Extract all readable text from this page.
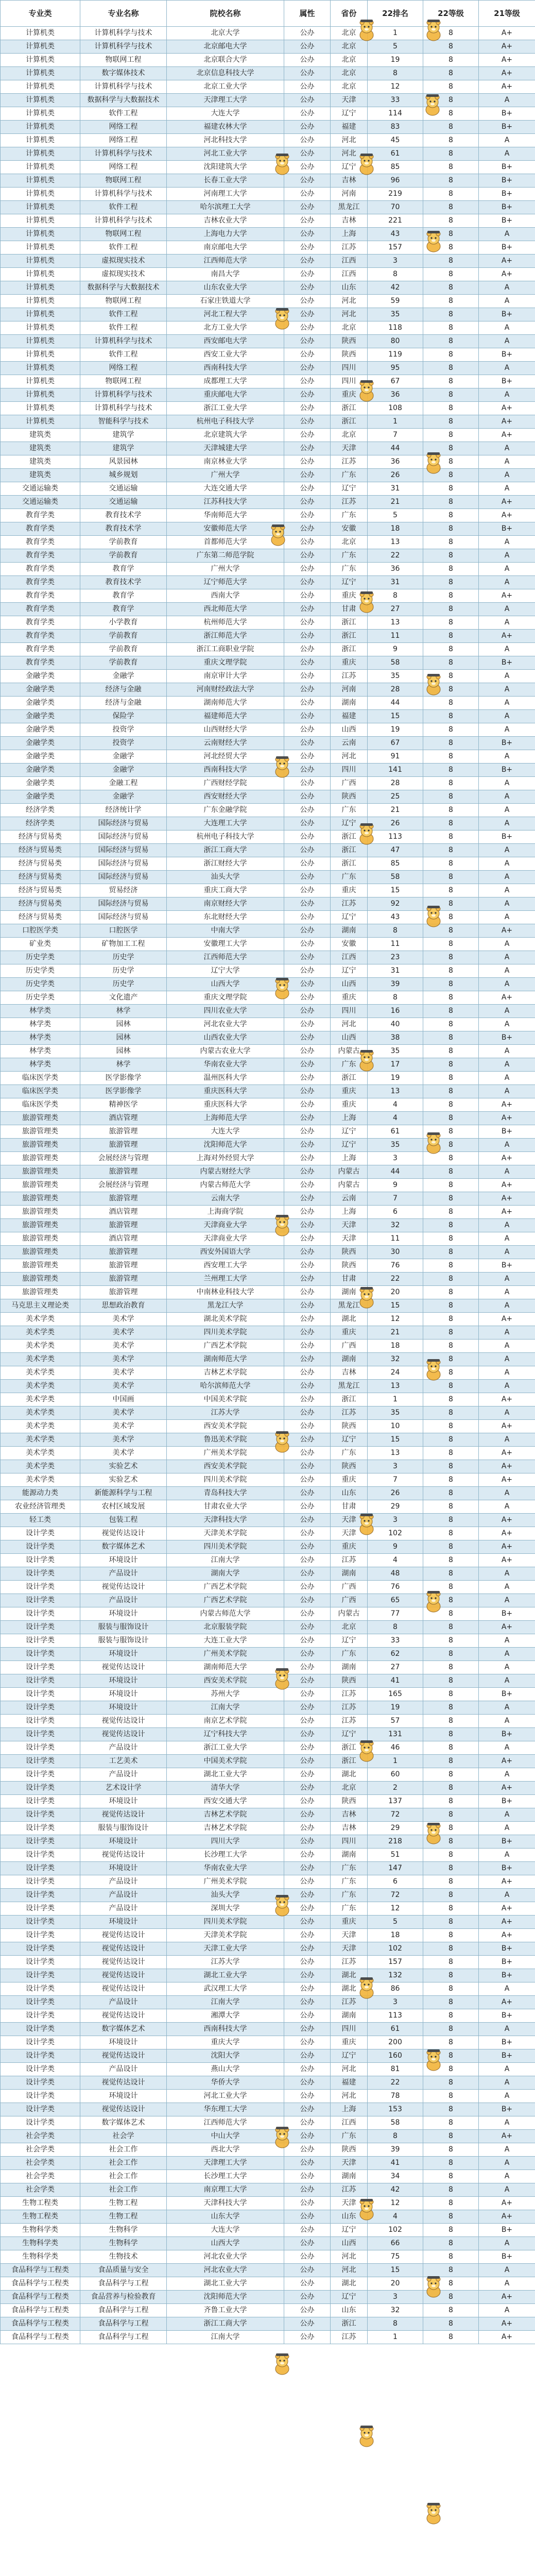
专业类	专业名称	院校名称	属性	省份	22排名	22等级	21等级
计算机类	计算机科学与技术	北京大学	公办	北京	1	8	A+
计算机类	计算机科学与技术	北京邮电大学	公办	北京	5	8	A+
计算机类	物联网工程	北京联合大学	公办	北京	19	8	A+
计算机类	数字媒体技术	北京信息科技大学	公办	北京	8	8	A+
计算机类	计算机科学与技术	北京工业大学	公办	北京	12	8	A+
计算机类	数据科学与大数据技术	天津理工大学	公办	天津	33	8	A
计算机类	软件工程	大连大学	公办	辽宁	114	8	B+
计算机类	网络工程	福建农林大学	公办	福建	83	8	B+
计算机类	网络工程	河北科技大学	公办	河北	45	8	A
计算机类	计算机科学与技术	河北工业大学	公办	河北	61	8	A
计算机类	网络工程	沈阳建筑大学	公办	辽宁	85	8	B+
计算机类	物联网工程	长春工业大学	公办	吉林	96	8	B+
计算机类	计算机科学与技术	河南理工大学	公办	河南	219	8	B+
计算机类	软件工程	哈尔滨理工大学	公办	黑龙江	70	8	B+
计算机类	计算机科学与技术	吉林农业大学	公办	吉林	221	8	B+
计算机类	物联网工程	上海电力大学	公办	上海	43	8	A
计算机类	软件工程	南京邮电大学	公办	江苏	157	8	B+
计算机类	虚拟现实技术	江西师范大学	公办	江西	3	8	A+
计算机类	虚拟现实技术	南昌大学	公办	江西	8	8	A+
计算机类	数据科学与大数据技术	山东农业大学	公办	山东	42	8	A
计算机类	物联网工程	石家庄铁道大学	公办	河北	59	8	A
计算机类	软件工程	河北工程大学	公办	河北	35	8	B+
计算机类	软件工程	北方工业大学	公办	北京	118	8	A
计算机类	计算机科学与技术	西安邮电大学	公办	陕西	80	8	A
计算机类	软件工程	西安工业大学	公办	陕西	119	8	B+
计算机类	网络工程	西南科技大学	公办	四川	95	8	A
计算机类	物联网工程	成都理工大学	公办	四川	67	8	B+
计算机类	计算机科学与技术	重庆邮电大学	公办	重庆	36	8	A
计算机类	计算机科学与技术	浙江工业大学	公办	浙江	108	8	A+
计算机类	智能科学与技术	杭州电子科技大学	公办	浙江	1	8	A+
建筑类	建筑学	北京建筑大学	公办	北京	7	8	A+
建筑类	建筑学	天津城建大学	公办	天津	44	8	A
建筑类	风景园林	南京林业大学	公办	江苏	36	8	A
建筑类	城乡规划	广州大学	公办	广东	26	8	A
交通运输类	交通运输	大连交通大学	公办	辽宁	31	8	A
交通运输类	交通运输	江苏科技大学	公办	江苏	21	8	A+
教育学类	教育技术学	华南师范大学	公办	广东	5	8	A+
教育学类	教育技术学	安徽师范大学	公办	安徽	18	8	B+
教育学类	学前教育	首都师范大学	公办	北京	13	8	A
教育学类	学前教育	广东第二师范学院	公办	广东	22	8	A
教育学类	教育学	广州大学	公办	广东	36	8	A
教育学类	教育技术学	辽宁师范大学	公办	辽宁	31	8	A
教育学类	教育学	西南大学	公办	重庆	8	8	A+
教育学类	教育学	西北师范大学	公办	甘肃	27	8	A
教育学类	小学教育	杭州师范大学	公办	浙江	13	8	A
教育学类	学前教育	浙江师范大学	公办	浙江	11	8	A+
教育学类	学前教育	浙江工商职业学院	公办	浙江	9	8	A
教育学类	学前教育	重庆文理学院	公办	重庆	58	8	B+
金融学类	金融学	南京审计大学	公办	江苏	35	8	A
金融学类	经济与金融	河南财经政法大学	公办	河南	28	8	A
金融学类	经济与金融	湖南师范大学	公办	湖南	44	8	A
金融学类	保险学	福建师范大学	公办	福建	15	8	A
金融学类	投资学	山西财经大学	公办	山西	19	8	A
金融学类	投资学	云南财经大学	公办	云南	67	8	B+
金融学类	金融学	河北经贸大学	公办	河北	91	8	A
金融学类	金融学	西南科技大学	公办	四川	141	8	B+
金融学类	金融工程	广西财经学院	公办	广西	28	8	A
金融学类	金融学	西安财经大学	公办	陕西	25	8	A
经济学类	经济统计学	广东金融学院	公办	广东	21	8	A
经济学类	国际经济与贸易	大连理工大学	公办	辽宁	26	8	A
经济与贸易类	国际经济与贸易	杭州电子科技大学	公办	浙江	113	8	B+
经济与贸易类	国际经济与贸易	浙江工商大学	公办	浙江	47	8	A
经济与贸易类	国际经济与贸易	浙江财经大学	公办	浙江	85	8	A
经济与贸易类	国际经济与贸易	汕头大学	公办	广东	58	8	A
经济与贸易类	贸易经济	重庆工商大学	公办	重庆	15	8	A
经济与贸易类	国际经济与贸易	南京财经大学	公办	江苏	92	8	A
经济与贸易类	国际经济与贸易	东北财经大学	公办	辽宁	43	8	A
口腔医学类	口腔医学	中南大学	公办	湖南	8	8	A+
矿业类	矿物加工工程	安徽理工大学	公办	安徽	11	8	A
历史学类	历史学	江西师范大学	公办	江西	23	8	A
历史学类	历史学	辽宁大学	公办	辽宁	31	8	A
历史学类	历史学	山西大学	公办	山西	39	8	A
历史学类	文化遗产	重庆文理学院	公办	重庆	8	8	A+
林学类	林学	四川农业大学	公办	四川	16	8	A
林学类	园林	河北农业大学	公办	河北	40	8	A
林学类	园林	山西农业大学	公办	山西	38	8	B+
林学类	园林	内蒙古农业大学	公办	内蒙古	35	8	A
林学类	林学	华南农业大学	公办	广东	17	8	A
临床医学类	医学影像学	温州医科大学	公办	浙江	19	8	A
临床医学类	医学影像学	重庆医科大学	公办	重庆	13	8	A
临床医学类	精神医学	重庆医科大学	公办	重庆	4	8	A+
旅游管理类	酒店管理	上海师范大学	公办	上海	4	8	A+
旅游管理类	旅游管理	大连大学	公办	辽宁	61	8	B+
旅游管理类	旅游管理	沈阳师范大学	公办	辽宁	35	8	A
旅游管理类	会展经济与管理	上海对外经贸大学	公办	上海	3	8	A+
旅游管理类	旅游管理	内蒙古财经大学	公办	内蒙古	44	8	A
旅游管理类	会展经济与管理	内蒙古师范大学	公办	内蒙古	9	8	A+
旅游管理类	旅游管理	云南大学	公办	云南	7	8	A+
旅游管理类	酒店管理	上海商学院	公办	上海	6	8	A+
旅游管理类	旅游管理	天津商业大学	公办	天津	32	8	A
旅游管理类	酒店管理	天津商业大学	公办	天津	11	8	A
旅游管理类	旅游管理	西安外国语大学	公办	陕西	30	8	A
旅游管理类	旅游管理	西安理工大学	公办	陕西	76	8	B+
旅游管理类	旅游管理	兰州理工大学	公办	甘肃	22	8	A
旅游管理类	旅游管理	中南林业科技大学	公办	湖南	20	8	A
马克思主义理论类	思想政治教育	黑龙江大学	公办	黑龙江	15	8	A
美术学类	美术学	湖北美术学院	公办	湖北	12	8	A+
美术学类	美术学	四川美术学院	公办	重庆	21	8	A
美术学类	美术学	广西艺术学院	公办	广西	18	8	A
美术学类	美术学	湖南师范大学	公办	湖南	32	8	A
美术学类	美术学	吉林艺术学院	公办	吉林	24	8	A
美术学类	美术学	哈尔滨师范大学	公办	黑龙江	13	8	A
美术学类	中国画	中国美术学院	公办	浙江	1	8	A+
美术学类	美术学	江苏大学	公办	江苏	35	8	A
美术学类	美术学	西安美术学院	公办	陕西	10	8	A+
美术学类	美术学	鲁迅美术学院	公办	辽宁	15	8	A
美术学类	美术学	广州美术学院	公办	广东	13	8	A+
美术学类	实验艺术	西安美术学院	公办	陕西	3	8	A+
美术学类	实验艺术	四川美术学院	公办	重庆	7	8	A+
能源动力类	新能源科学与工程	青岛科技大学	公办	山东	26	8	A
农业经济管理类	农村区域发展	甘肃农业大学	公办	甘肃	29	8	A
轻工类	包装工程	天津科技大学	公办	天津	3	8	A+
设计学类	视觉传达设计	天津美术学院	公办	天津	102	8	A+
设计学类	数字媒体艺术	四川美术学院	公办	重庆	9	8	A+
设计学类	环境设计	江南大学	公办	江苏	4	8	A+
设计学类	产品设计	湖南大学	公办	湖南	48	8	A
设计学类	视觉传达设计	广西艺术学院	公办	广西	76	8	A
设计学类	产品设计	广西艺术学院	公办	广西	65	8	A
设计学类	环境设计	内蒙古师范大学	公办	内蒙古	77	8	B+
设计学类	服装与服饰设计	北京服装学院	公办	北京	8	8	A+
设计学类	服装与服饰设计	大连工业大学	公办	辽宁	33	8	A
设计学类	环境设计	广州美术学院	公办	广东	62	8	A
设计学类	视觉传达设计	湖南师范大学	公办	湖南	27	8	A
设计学类	环境设计	西安美术学院	公办	陕西	41	8	A
设计学类	环境设计	苏州大学	公办	江苏	165	8	B+
设计学类	环境设计	江南大学	公办	江苏	19	8	A
设计学类	视觉传达设计	南京艺术学院	公办	江苏	57	8	A
设计学类	视觉传达设计	辽宁科技大学	公办	辽宁	131	8	B+
设计学类	产品设计	浙江工业大学	公办	浙江	46	8	A
设计学类	工艺美术	中国美术学院	公办	浙江	1	8	A+
设计学类	产品设计	湖北工业大学	公办	湖北	60	8	A
设计学类	艺术设计学	清华大学	公办	北京	2	8	A+
设计学类	环境设计	西安交通大学	公办	陕西	137	8	B+
设计学类	视觉传达设计	吉林艺术学院	公办	吉林	72	8	A
设计学类	服装与服饰设计	吉林艺术学院	公办	吉林	29	8	A
设计学类	环境设计	四川大学	公办	四川	218	8	B+
设计学类	视觉传达设计	长沙理工大学	公办	湖南	51	8	A
设计学类	环境设计	华南农业大学	公办	广东	147	8	B+
设计学类	产品设计	广州美术学院	公办	广东	6	8	A+
设计学类	产品设计	汕头大学	公办	广东	72	8	A
设计学类	产品设计	深圳大学	公办	广东	12	8	A+
设计学类	环境设计	四川美术学院	公办	重庆	5	8	A+
设计学类	视觉传达设计	天津美术学院	公办	天津	18	8	A+
设计学类	视觉传达设计	天津工业大学	公办	天津	102	8	B+
设计学类	视觉传达设计	江苏大学	公办	江苏	157	8	B+
设计学类	视觉传达设计	湖北工业大学	公办	湖北	132	8	B+
设计学类	视觉传达设计	武汉理工大学	公办	湖北	86	8	A
设计学类	产品设计	江南大学	公办	江苏	3	8	A+
设计学类	视觉传达设计	湘潭大学	公办	湖南	113	8	B+
设计学类	数字媒体艺术	西南科技大学	公办	四川	61	8	A
设计学类	环境设计	重庆大学	公办	重庆	200	8	B+
设计学类	视觉传达设计	沈阳大学	公办	辽宁	160	8	B+
设计学类	产品设计	燕山大学	公办	河北	81	8	A
设计学类	视觉传达设计	华侨大学	公办	福建	22	8	A
设计学类	环境设计	河北工业大学	公办	河北	78	8	A
设计学类	视觉传达设计	华东理工大学	公办	上海	153	8	B+
设计学类	数字媒体艺术	江西师范大学	公办	江西	58	8	A
社会学类	社会学	中山大学	公办	广东	8	8	A+
社会学类	社会工作	西北大学	公办	陕西	39	8	A
社会学类	社会工作	天津理工大学	公办	天津	41	8	A
社会学类	社会工作	长沙理工大学	公办	湖南	34	8	A
社会学类	社会工作	南京理工大学	公办	江苏	42	8	A
生物工程类	生物工程	天津科技大学	公办	天津	12	8	A+
生物工程类	生物工程	山东大学	公办	山东	4	8	A+
生物科学类	生物科学	大连大学	公办	辽宁	102	8	B+
生物科学类	生物科学	山西大学	公办	山西	66	8	A
生物科学类	生物技术	河北农业大学	公办	河北	75	8	B+
食品科学与工程类	食品质量与安全	河北农业大学	公办	河北	15	8	A
食品科学与工程类	食品科学与工程	湖北工业大学	公办	湖北	20	8	A
食品科学与工程类	食品营养与检验教育	沈阳师范大学	公办	辽宁	3	8	A+
食品科学与工程类	食品科学与工程	齐鲁工业大学	公办	山东	32	8	A
食品科学与工程类	食品科学与工程	浙江工商大学	公办	浙江	8	8	A+
食品科学与工程类	食品科学与工程	江南大学	公办	江苏	1	8	A+
